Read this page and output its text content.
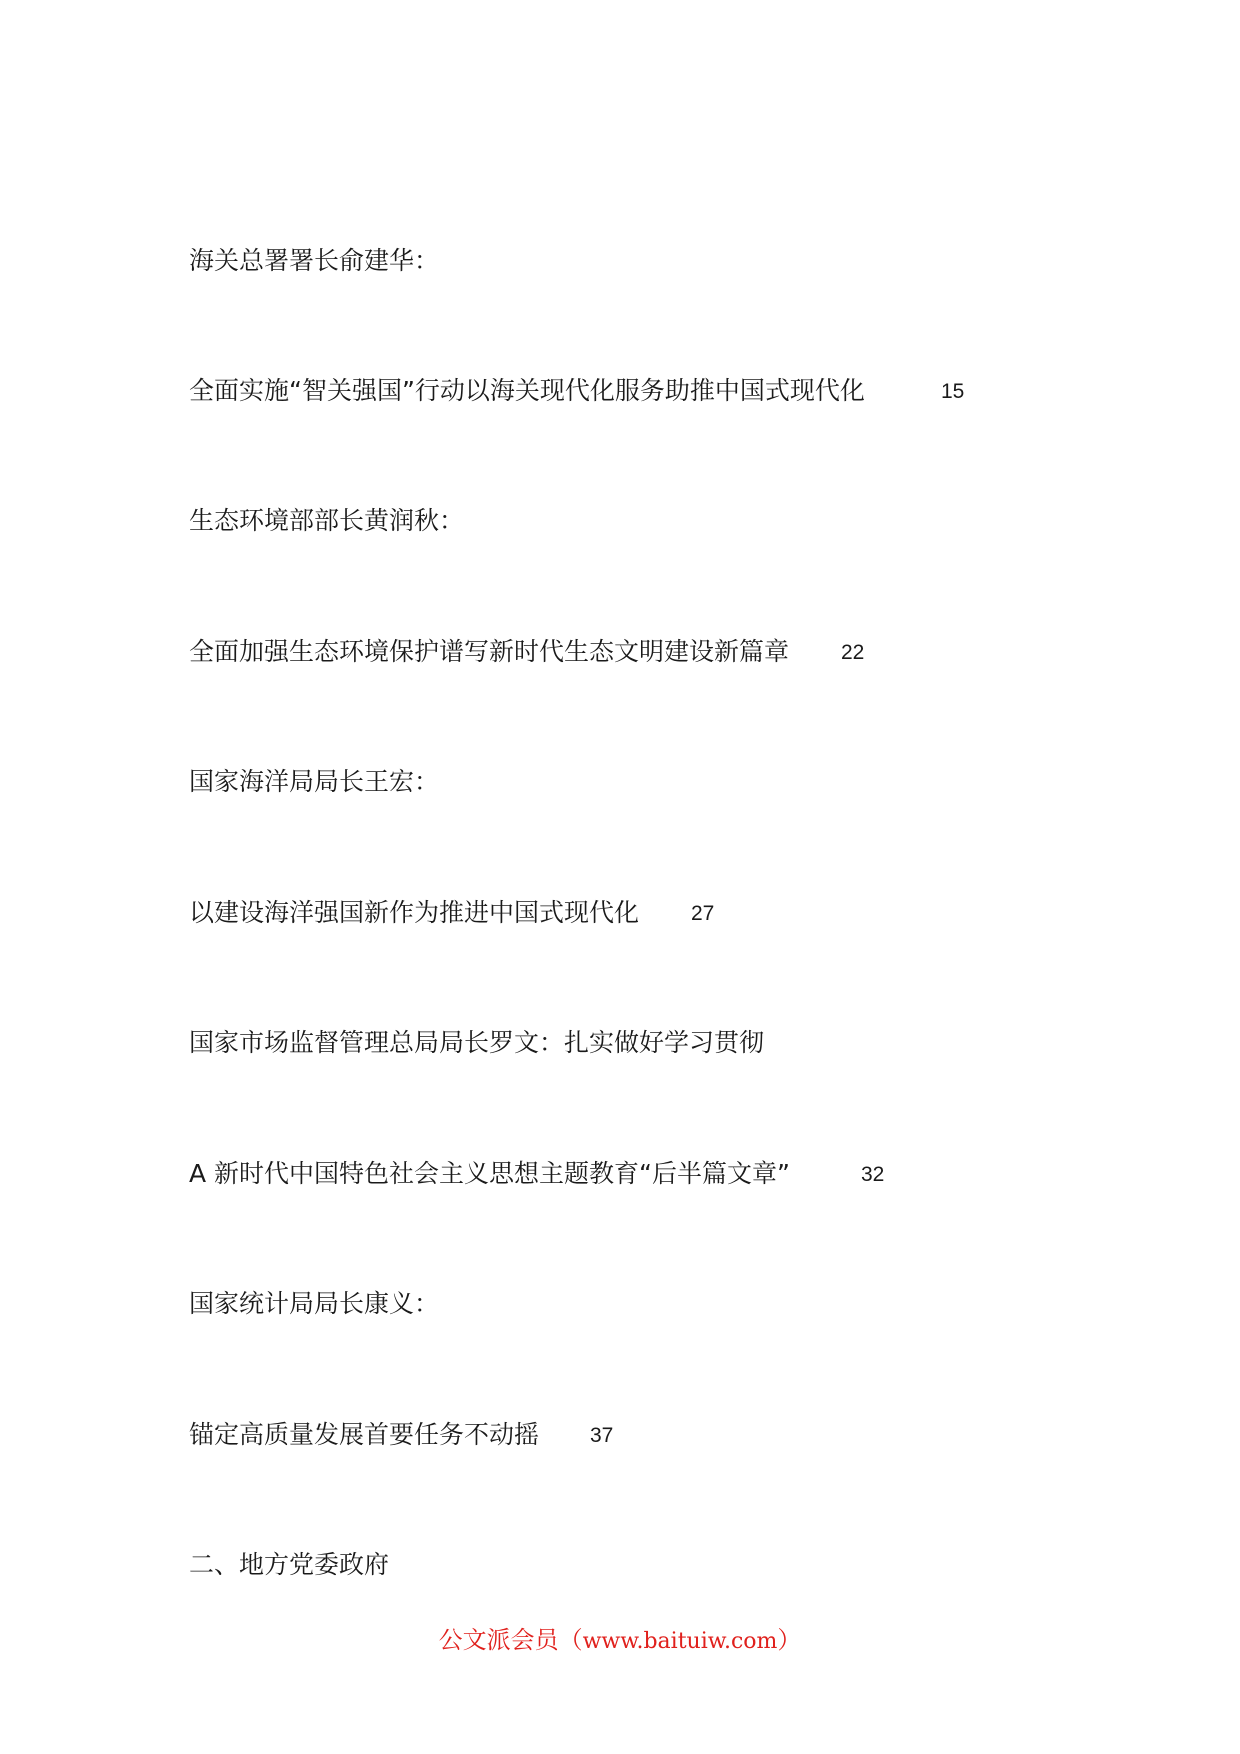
海关总署署长俞建华：
全面实施“智关强国”行动以海关现代化服务助推中国式现代化	15
生态环境部部长黄润秋：
全面加强生态环境保护谱写新时代生态文明建设新篇章 22
国家海洋局局长王宏：
以建设海洋强国新作为推进中国式现代化 27
国家市场监督管理总局局长罗文：扎实做好学习贯彻
A 新时代中国特色社会主义思想主题教育“后半篇文章”	32
国家统计局局长康义：
锚定高质量发展首要任务不动摇 37
二、地方党委政府
公文派会员（www.baituiw.com）
